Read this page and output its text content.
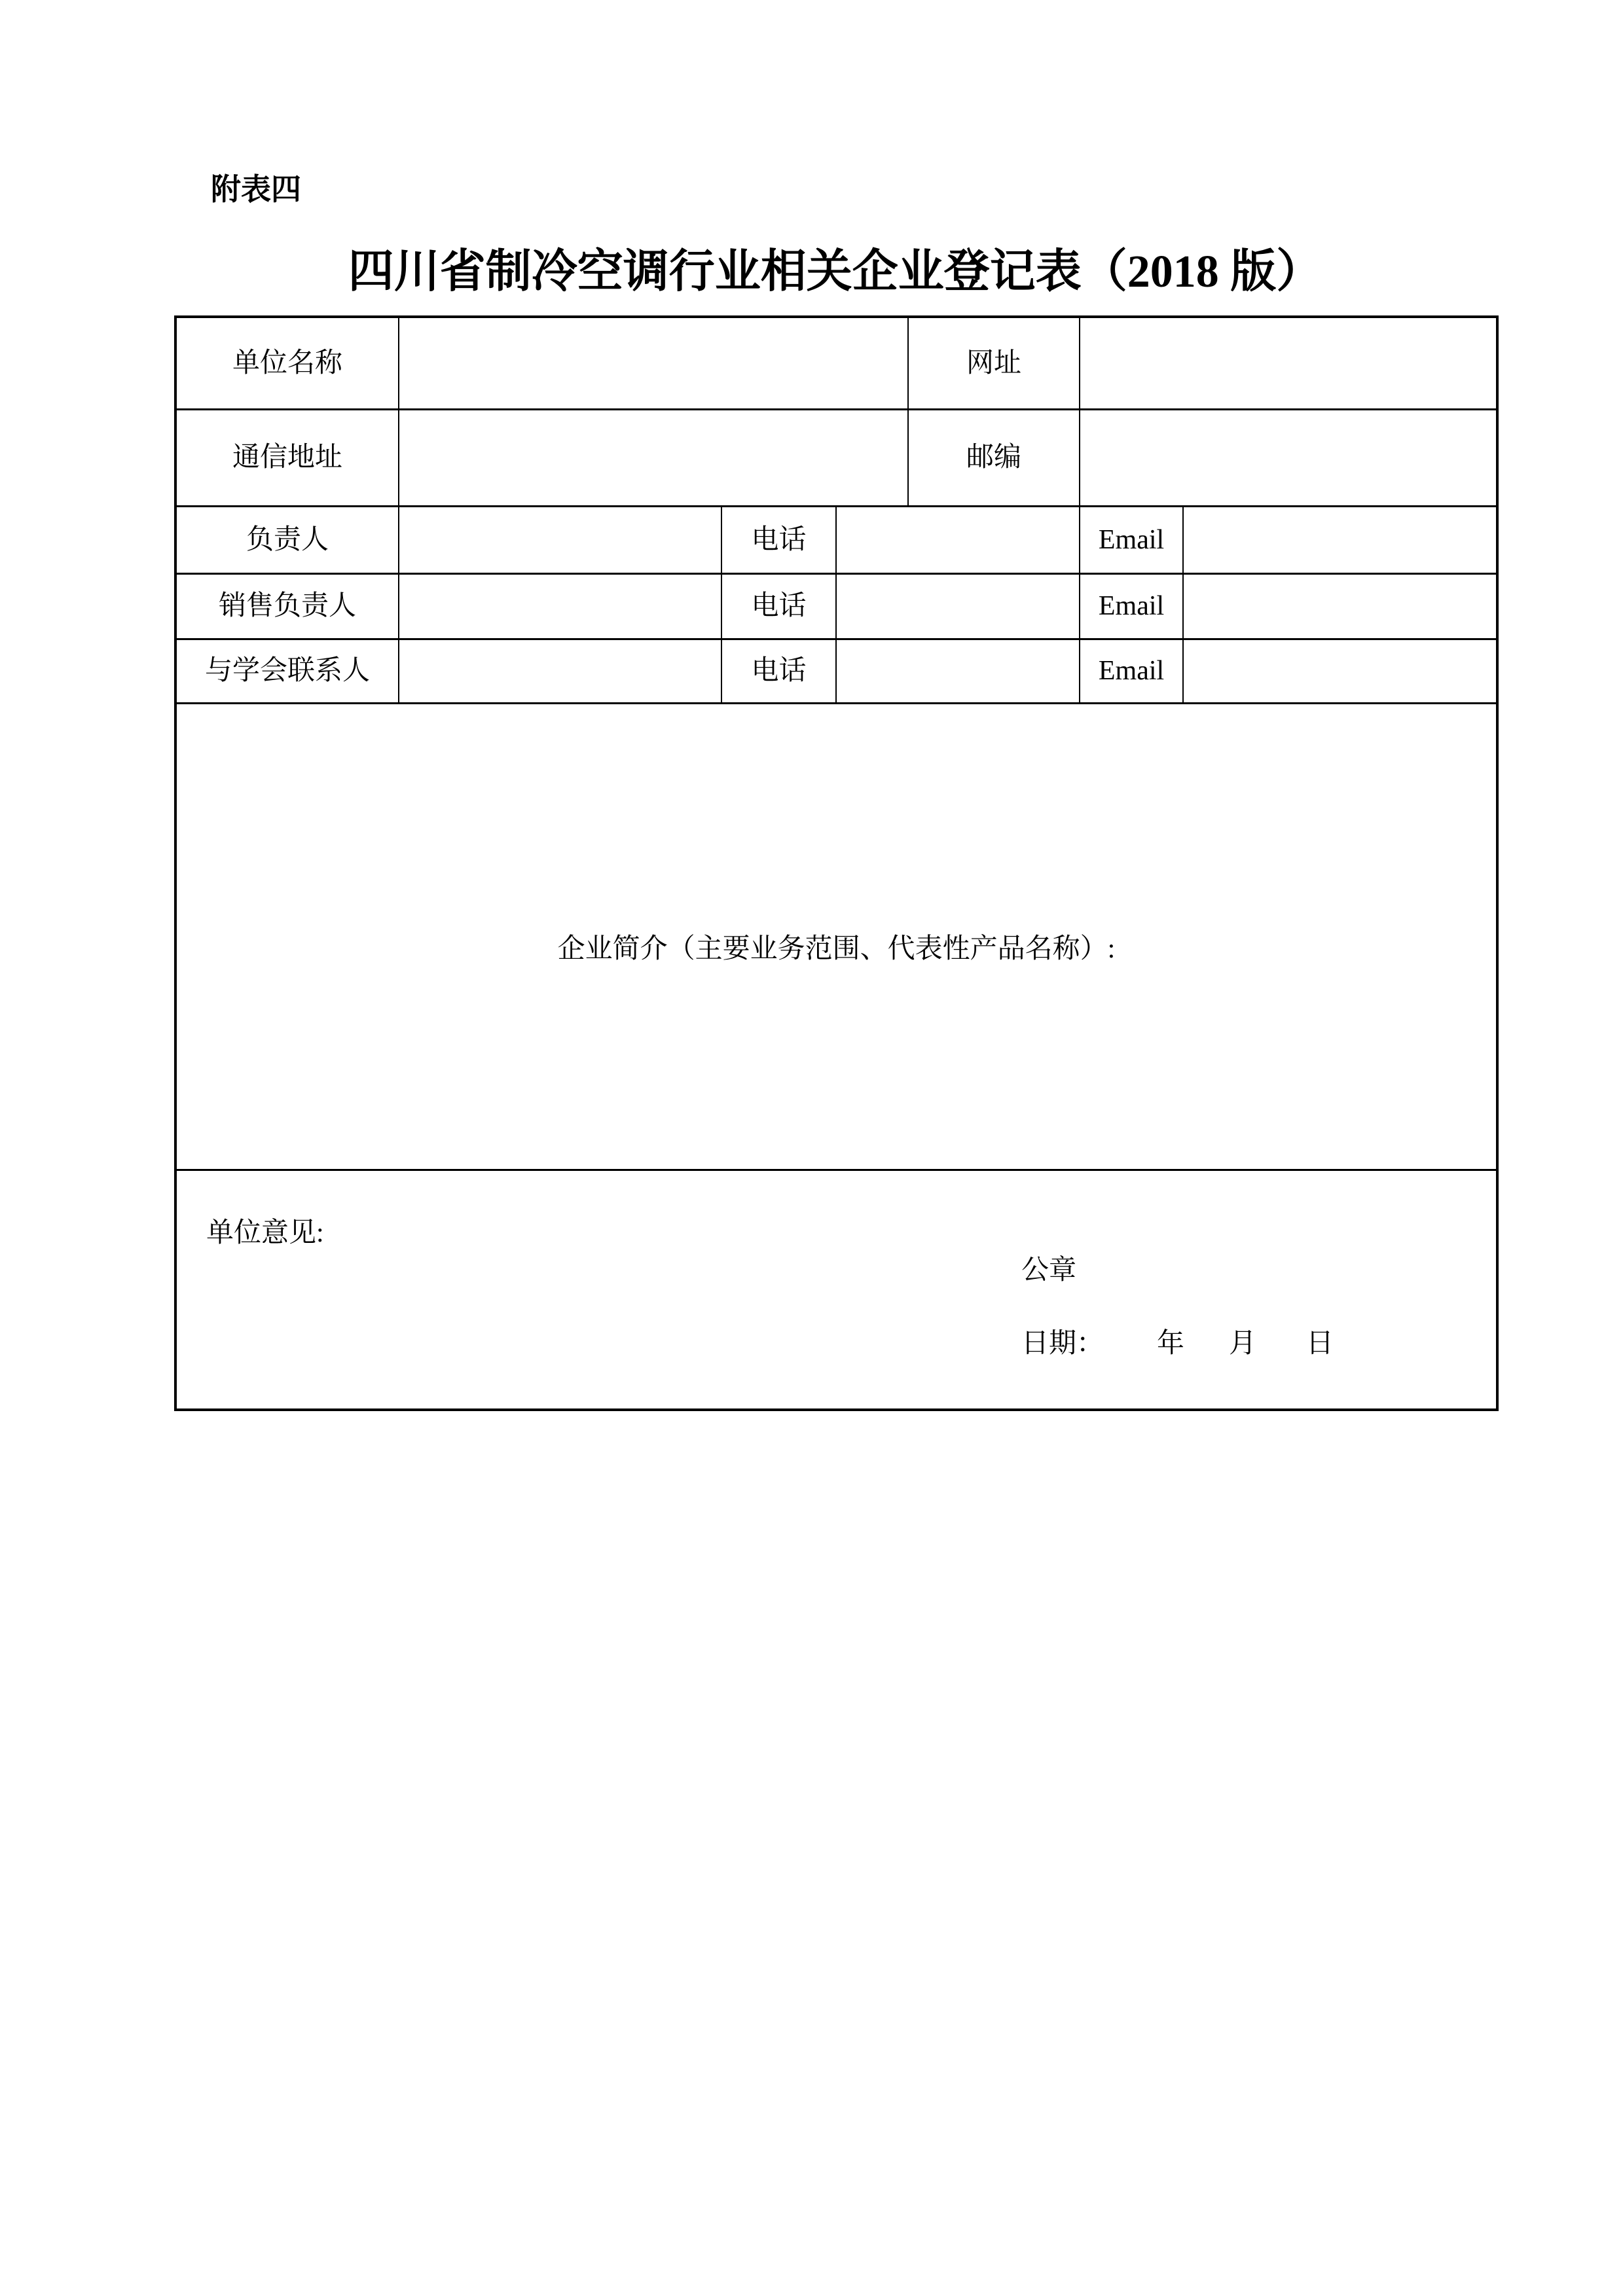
附表四
四川省制冷空调行业相关企业登记表（2018 版）
单位名称				网址		
通信地址				邮编		
负责人		电话			Email	
销售负责人		电话			Email	
与学会联系人		电话			Email	

企业简介（主要业务范围、代表性产品名称）:						

单位意见:
公章
日期： 年 月 日
